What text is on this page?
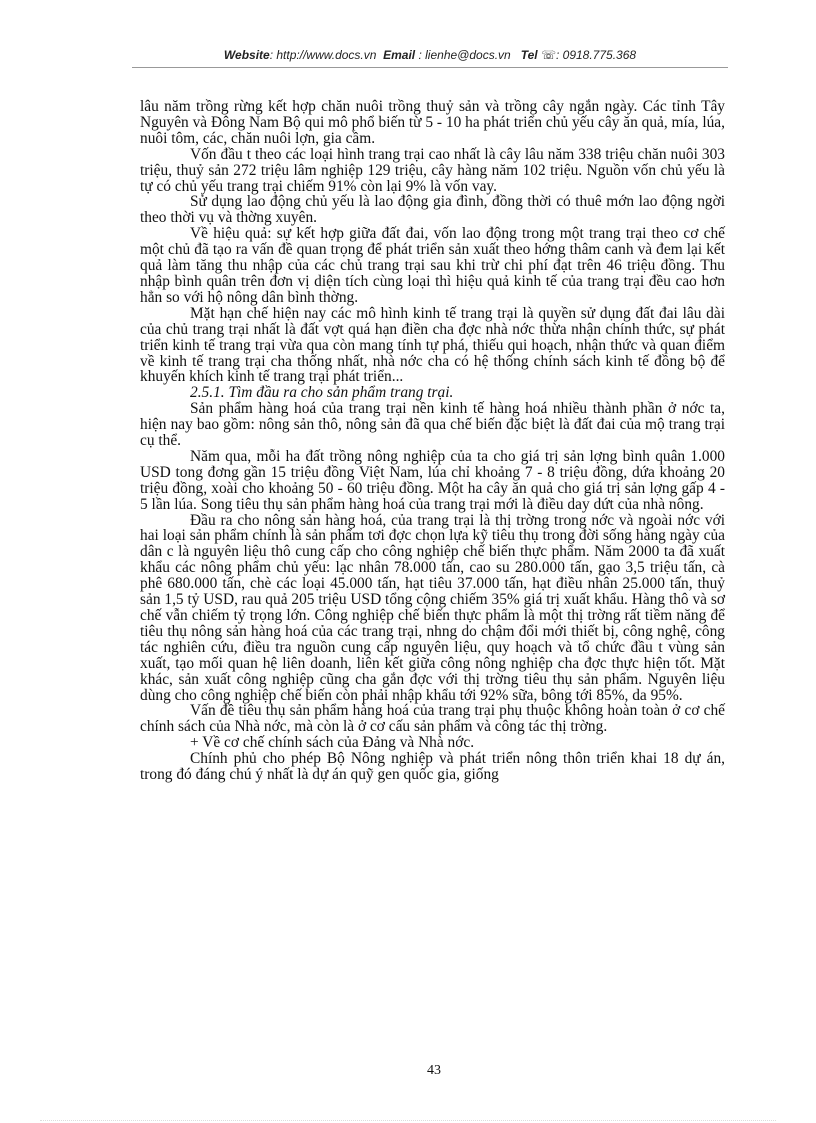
Website: http://www.docs.vn Email : lienhe@docs.vn Tel ☏: 0918.775.368

lâu năm trồng rừng kết hợp chăn nuôi trồng thuỷ sản và trồng cây ngắn ngày. Các tỉnh Tây Nguyên và Đông Nam Bộ qui mô phổ biến từ 5 - 10 ha phát triển chủ yếu cây ăn quả, mía, lúa, nuôi tôm, các, chăn nuôi lợn, gia cầm.

Vốn đầu t theo các loại hình trang trại cao nhất là cây lâu năm 338 triệu chăn nuôi 303 triệu, thuỷ sản 272 triệu lâm nghiệp 129 triệu, cây hàng năm 102 triệu. Nguồn vốn chủ yếu là tự có chủ yếu trang trại chiếm 91% còn lại 9% là vốn vay.

Sử dụng lao động chủ yếu là lao động gia đình, đồng thời có thuê mớn lao động ngời theo thời vụ và thờng xuyên.

Về hiệu quả: sự kết hợp giữa đất đai, vốn lao động trong một trang trại theo cơ chế một chủ đã tạo ra vấn đề quan trọng để phát triển sản xuất theo hớng thâm canh và đem lại kết quả làm tăng thu nhập của các chủ trang trại sau khi trừ chi phí đạt trên 46 triệu đồng. Thu nhập bình quân trên đơn vị diện tích cùng loại thì hiệu quả kinh tế của trang trại đều cao hơn hẳn so với hộ nông dân bình thờng.

Mặt hạn chế hiện nay các mô hình kinh tế trang trại là quyền sử dụng đất đai lâu dài của chủ trang trại nhất là đất vợt quá hạn điền cha đợc nhà nớc thừa nhận chính thức, sự phát triển kinh tế trang trại vừa qua còn mang tính tự phá, thiếu qui hoạch, nhận thức và quan điểm về kinh tế trang trại cha thống nhất, nhà nớc cha có hệ thống chính sách kinh tế đồng bộ để khuyến khích kinh tế trang trại phát triển...

2.5.1. Tìm đầu ra cho sản phẩm trang trại.

Sản phẩm hàng hoá của trang trại nền kinh tế hàng hoá nhiều thành phần ở nớc ta, hiện nay bao gồm: nông sản thô, nông sản đã qua chế biến đặc biệt là đất đai của mộ trang trại cụ thể.

Năm qua, mỗi ha đất trồng nông nghiệp của ta cho giá trị sản lợng bình quân 1.000 USD tong đơng gần 15 triệu đồng Việt Nam, lúa chỉ khoảng 7 - 8 triệu đồng, dứa khoảng 20 triệu đồng, xoài cho khoảng 50 - 60 triệu đồng. Một ha cây ăn quả cho giá trị sản lợng gấp 4 - 5 lần lúa. Song tiêu thụ sản phẩm hàng hoá của trang trại mới là điều day dứt của nhà nông.

Đầu ra cho nông sản hàng hoá, của trang trại là thị trờng trong nớc và ngoài nớc với hai loại sản phẩm chính là sản phẩm tơi đợc chọn lựa kỹ tiêu thụ trong đời sống hàng ngày của dân c là nguyên liệu thô cung cấp cho công nghiệp chế biến thực phẩm. Năm 2000 ta đã xuất khẩu các nông phẩm chủ yếu: lạc nhân 78.000 tấn, cao su 280.000 tấn, gạo 3,5 triệu tấn, cà phê 680.000 tấn, chè các loại 45.000 tấn, hạt tiêu 37.000 tấn, hạt điều nhân 25.000 tấn, thuỷ sản 1,5 tỷ USD, rau quả 205 triệu USD tổng cộng chiếm 35% giá trị xuất khẩu. Hàng thô và sơ chế vẫn chiếm tỷ trọng lớn. Công nghiệp chế biến thực phẩm là một thị trờng rất tiềm năng để tiêu thụ nông sản hàng hoá của các trang trại, nhng do chậm đổi mới thiết bị, công nghệ, công tác nghiên cứu, điều tra nguồn cung cấp nguyên liệu, quy hoạch và tổ chức đầu t vùng sản xuất, tạo mối quan hệ liên doanh, liên kết giữa công nông nghiệp cha đợc thực hiện tốt. Mặt khác, sản xuất công nghiệp cũng cha gắn đợc với thị trờng tiêu thụ sản phẩm. Nguyên liệu dùng cho công nghiệp chế biến còn phải nhập khẩu tới 92% sữa, bông tới 85%, da 95%.

Vấn đề tiêu thụ sản phẩm hàng hoá của trang trại phụ thuộc không hoàn toàn ở cơ chế chính sách của Nhà nớc, mà còn là ở cơ cấu sản phẩm và công tác thị trờng.

+ Về cơ chế chính sách của Đảng và Nhà nớc.

Chính phủ cho phép Bộ Nông nghiệp và phát triển nông thôn triển khai 18 dự án, trong đó đáng chú ý nhất là dự án quỹ gen quốc gia, giống

43
